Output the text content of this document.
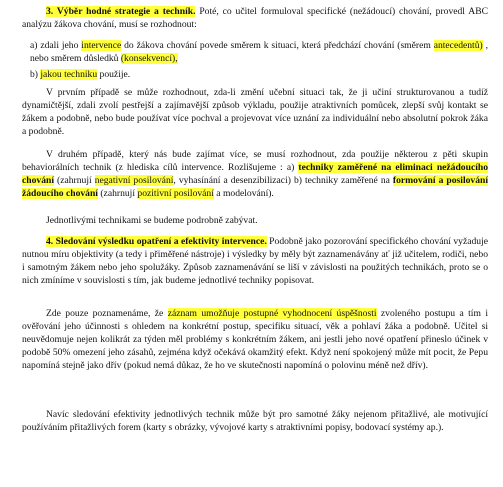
3. Výběr hodné strategie a techník. Poté, co učitel formuloval specifické (nežádoucí) chování, provedl ABC analýzu žákova chování, musí se rozhodnout:

a) zdali jeho intervence do žákova chování povede směrem k situaci, která předchází chování (směrem antecedentů) , nebo směrem důsledků (konsekvencí),

b) jakou techniku použije.

V prvním případě se může rozhodnout, zda-li změní učební situaci tak, že ji učiní strukturovanou a tudíž dynamičtější, zdali zvolí pestřejší a zajímavější způsob výkladu, použije atraktivních pomůcek, zlepší svůj kontakt se žákem a podobně, nebo bude používat více pochval a projevovat více uznání za individuální nebo absolutní pokrok žáka a podobně.

V druhém případě, který nás bude zajímat více, se musí rozhodnout, zda použije některou z pěti skupin behaviorálních technik (z hlediska cílů intervence. Rozlišujeme : a) techniky zaměřené na eliminaci nežádoucího chování (zahrnují negativní posilování, vyhasínání a desenzibilizaci) b) techniky zaměřené na formování a posilování žádoucího chování (zahrnují pozitivní posilování a modelování).

Jednotlivými technikami se budeme podrobně zabývat.

4. Sledování výsledku opatření a efektivity intervence. Podobně jako pozorování specifického chování vyžaduje nutnou míru objektivity (a tedy i přiměřené nástroje) i výsledky by měly být zaznamenávány ať již učitelem, rodiči, nebo i samotným žákem nebo jeho spolužáky. Způsob zaznamenávání se liší v závislosti na použitých technikách, proto se o nich zmíníme v souvislosti s tím, jak budeme jednotlivé techniky popisovat.

Zde pouze poznamenáme, že záznam umožňuje postupné vyhodnocení úspěšnosti zvoleného postupu a tím i ověřování jeho účinnosti s ohledem na konkrétní postup, specifiku situací, věk a pohlaví žáka a podobně. Učitel si neuvědomuje nejen kolikrát za týden měl problémy s konkrétním žákem, ani jestli jeho nové opatření přineslo účinek v podobě 50% omezení jeho zásahů, zejména když očekává okamžitý efekt. Když není spokojený může mít pocit, že Pepu napomíná stejně jako dřív (pokud nemá důkaz, že ho ve skutečnosti napomíná o polovinu méně než dřív).

Navíc sledování efektivity jednotlivých technik může být pro samotné žáky nejenom přitažlivé, ale motivující používáním přitažlivých forem (karty s obrázky, vývojové karty s atraktivními popisy, bodovací systémy ap.).
